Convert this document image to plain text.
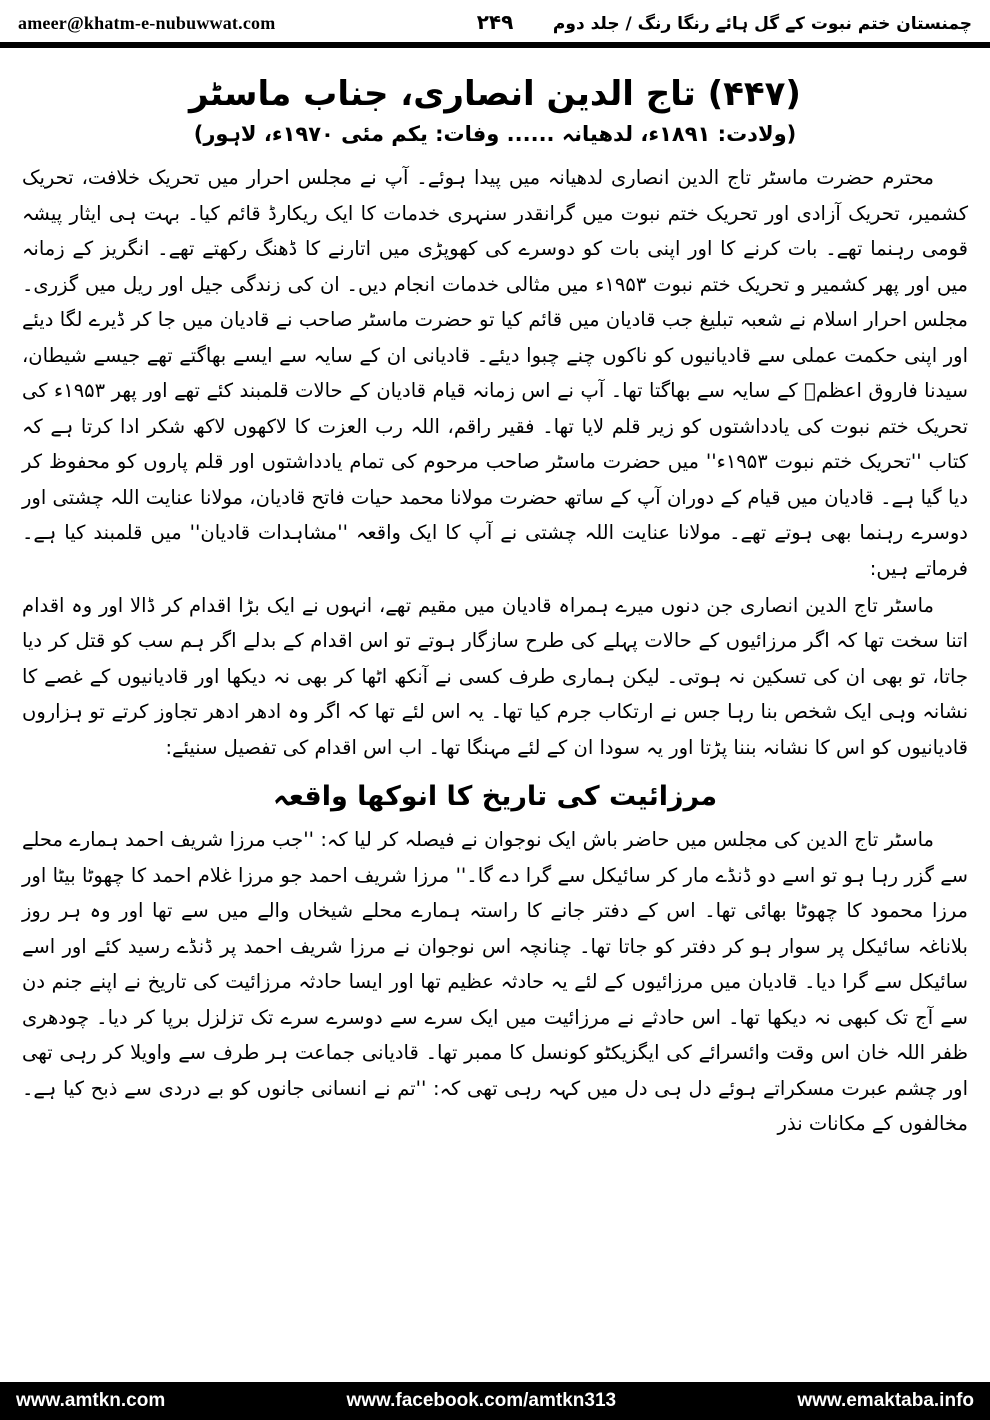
ameer@khatm-e-nubuwwat.com	۲۴۹	چمنستان ختم نبوت کے گل ہائے رنگا رنگ / جلد دوم
(۴۴۷) تاج الدین انصاری، جناب ماسٹر
(ولادت: ۱۸۹۱ء، لدھیانہ ...... وفات: یکم مئی ۱۹۷۰ء، لاہور)

محترم حضرت ماسٹر تاج الدین انصاری لدھیانہ میں پیدا ہوئے۔ آپ نے مجلس احرار میں تحریک خلافت، تحریک کشمیر، تحریک آزادی اور تحریک ختم نبوت میں گرانقدر سنہری خدمات کا ایک ریکارڈ قائم کیا۔ بہت ہی ایثار پیشہ قومی رہنما تھے۔ بات کرنے کا اور اپنی بات کو دوسرے کی کھوپڑی میں اتارنے کا ڈھنگ رکھتے تھے۔ انگریز کے زمانہ میں اور پھر کشمیر و تحریک ختم نبوت ۱۹۵۳ء میں مثالی خدمات انجام دیں۔ ان کی زندگی جیل اور ریل میں گزری۔ مجلس احرار اسلام نے شعبہ تبلیغ جب قادیان میں قائم کیا تو حضرت ماسٹر صاحب نے قادیان میں جا کر ڈیرے لگا دیئے اور اپنی حکمت عملی سے قادیانیوں کو ناکوں چنے چبوا دیئے۔ قادیانی ان کے سایہ سے ایسے بھاگتے تھے جیسے شیطان، سیدنا فاروق اعظمؓ کے سایہ سے بھاگتا تھا۔ آپ نے اس زمانہ قیام قادیان کے حالات قلمبند کئے تھے اور پھر ۱۹۵۳ء کی تحریک ختم نبوت کی یادداشتوں کو زیر قلم لایا تھا۔ فقیر راقم، اللہ رب العزت کا لاکھوں لاکھ شکر ادا کرتا ہے کہ کتاب ''تحریک ختم نبوت ۱۹۵۳ء'' میں حضرت ماسٹر صاحب مرحوم کی تمام یادداشتوں اور قلم پاروں کو محفوظ کر دیا گیا ہے۔ قادیان میں قیام کے دوران آپ کے ساتھ حضرت مولانا محمد حیات فاتح قادیان، مولانا عنایت اللہ چشتی اور دوسرے رہنما بھی ہوتے تھے۔ مولانا عنایت اللہ چشتی نے آپ کا ایک واقعہ ''مشاہدات قادیان'' میں قلمبند کیا ہے۔ فرماتے ہیں:

ماسٹر تاج الدین انصاری جن دنوں میرے ہمراہ قادیان میں مقیم تھے، انہوں نے ایک بڑا اقدام کر ڈالا اور وہ اقدام اتنا سخت تھا کہ اگر مرزائیوں کے حالات پہلے کی طرح سازگار ہوتے تو اس اقدام کے بدلے اگر ہم سب کو قتل کر دیا جاتا، تو بھی ان کی تسکین نہ ہوتی۔ لیکن ہماری طرف کسی نے آنکھ اٹھا کر بھی نہ دیکھا اور قادیانیوں کے غصے کا نشانہ وہی ایک شخص بنا رہا جس نے ارتکاب جرم کیا تھا۔ یہ اس لئے تھا کہ اگر وہ ادھر ادھر تجاوز کرتے تو ہزاروں قادیانیوں کو اس کا نشانہ بننا پڑتا اور یہ سودا ان کے لئے مہنگا تھا۔ اب اس اقدام کی تفصیل سنیئے:

مرزائیت کی تاریخ کا انوکھا واقعہ

ماسٹر تاج الدین کی مجلس میں حاضر باش ایک نوجوان نے فیصلہ کر لیا کہ: ''جب مرزا شریف احمد ہمارے محلے سے گزر رہا ہو تو اسے دو ڈنڈے مار کر سائیکل سے گرا دے گا۔'' مرزا شریف احمد جو مرزا غلام احمد کا چھوٹا بیٹا اور مرزا محمود کا چھوٹا بھائی تھا۔ اس کے دفتر جانے کا راستہ ہمارے محلے شیخاں والے میں سے تھا اور وہ ہر روز بلاناغہ سائیکل پر سوار ہو کر دفتر کو جاتا تھا۔ چنانچہ اس نوجوان نے مرزا شریف احمد پر ڈنڈے رسید کئے اور اسے سائیکل سے گرا دیا۔ قادیان میں مرزائیوں کے لئے یہ حادثہ عظیم تھا اور ایسا حادثہ مرزائیت کی تاریخ نے اپنے جنم دن سے آج تک کبھی نہ دیکھا تھا۔ اس حادثے نے مرزائیت میں ایک سرے سے دوسرے سرے تک تزلزل برپا کر دیا۔ چودھری ظفر اللہ خان اس وقت وائسرائے کی ایگزیکٹو کونسل کا ممبر تھا۔ قادیانی جماعت ہر طرف سے واویلا کر رہی تھی اور چشم عبرت مسکراتے ہوئے دل ہی دل میں کہہ رہی تھی کہ: ''تم نے انسانی جانوں کو بے دردی سے ذبح کیا ہے۔ مخالفوں کے مکانات نذر

www.amtkn.com	www.facebook.com/amtkn313	www.emaktaba.info
